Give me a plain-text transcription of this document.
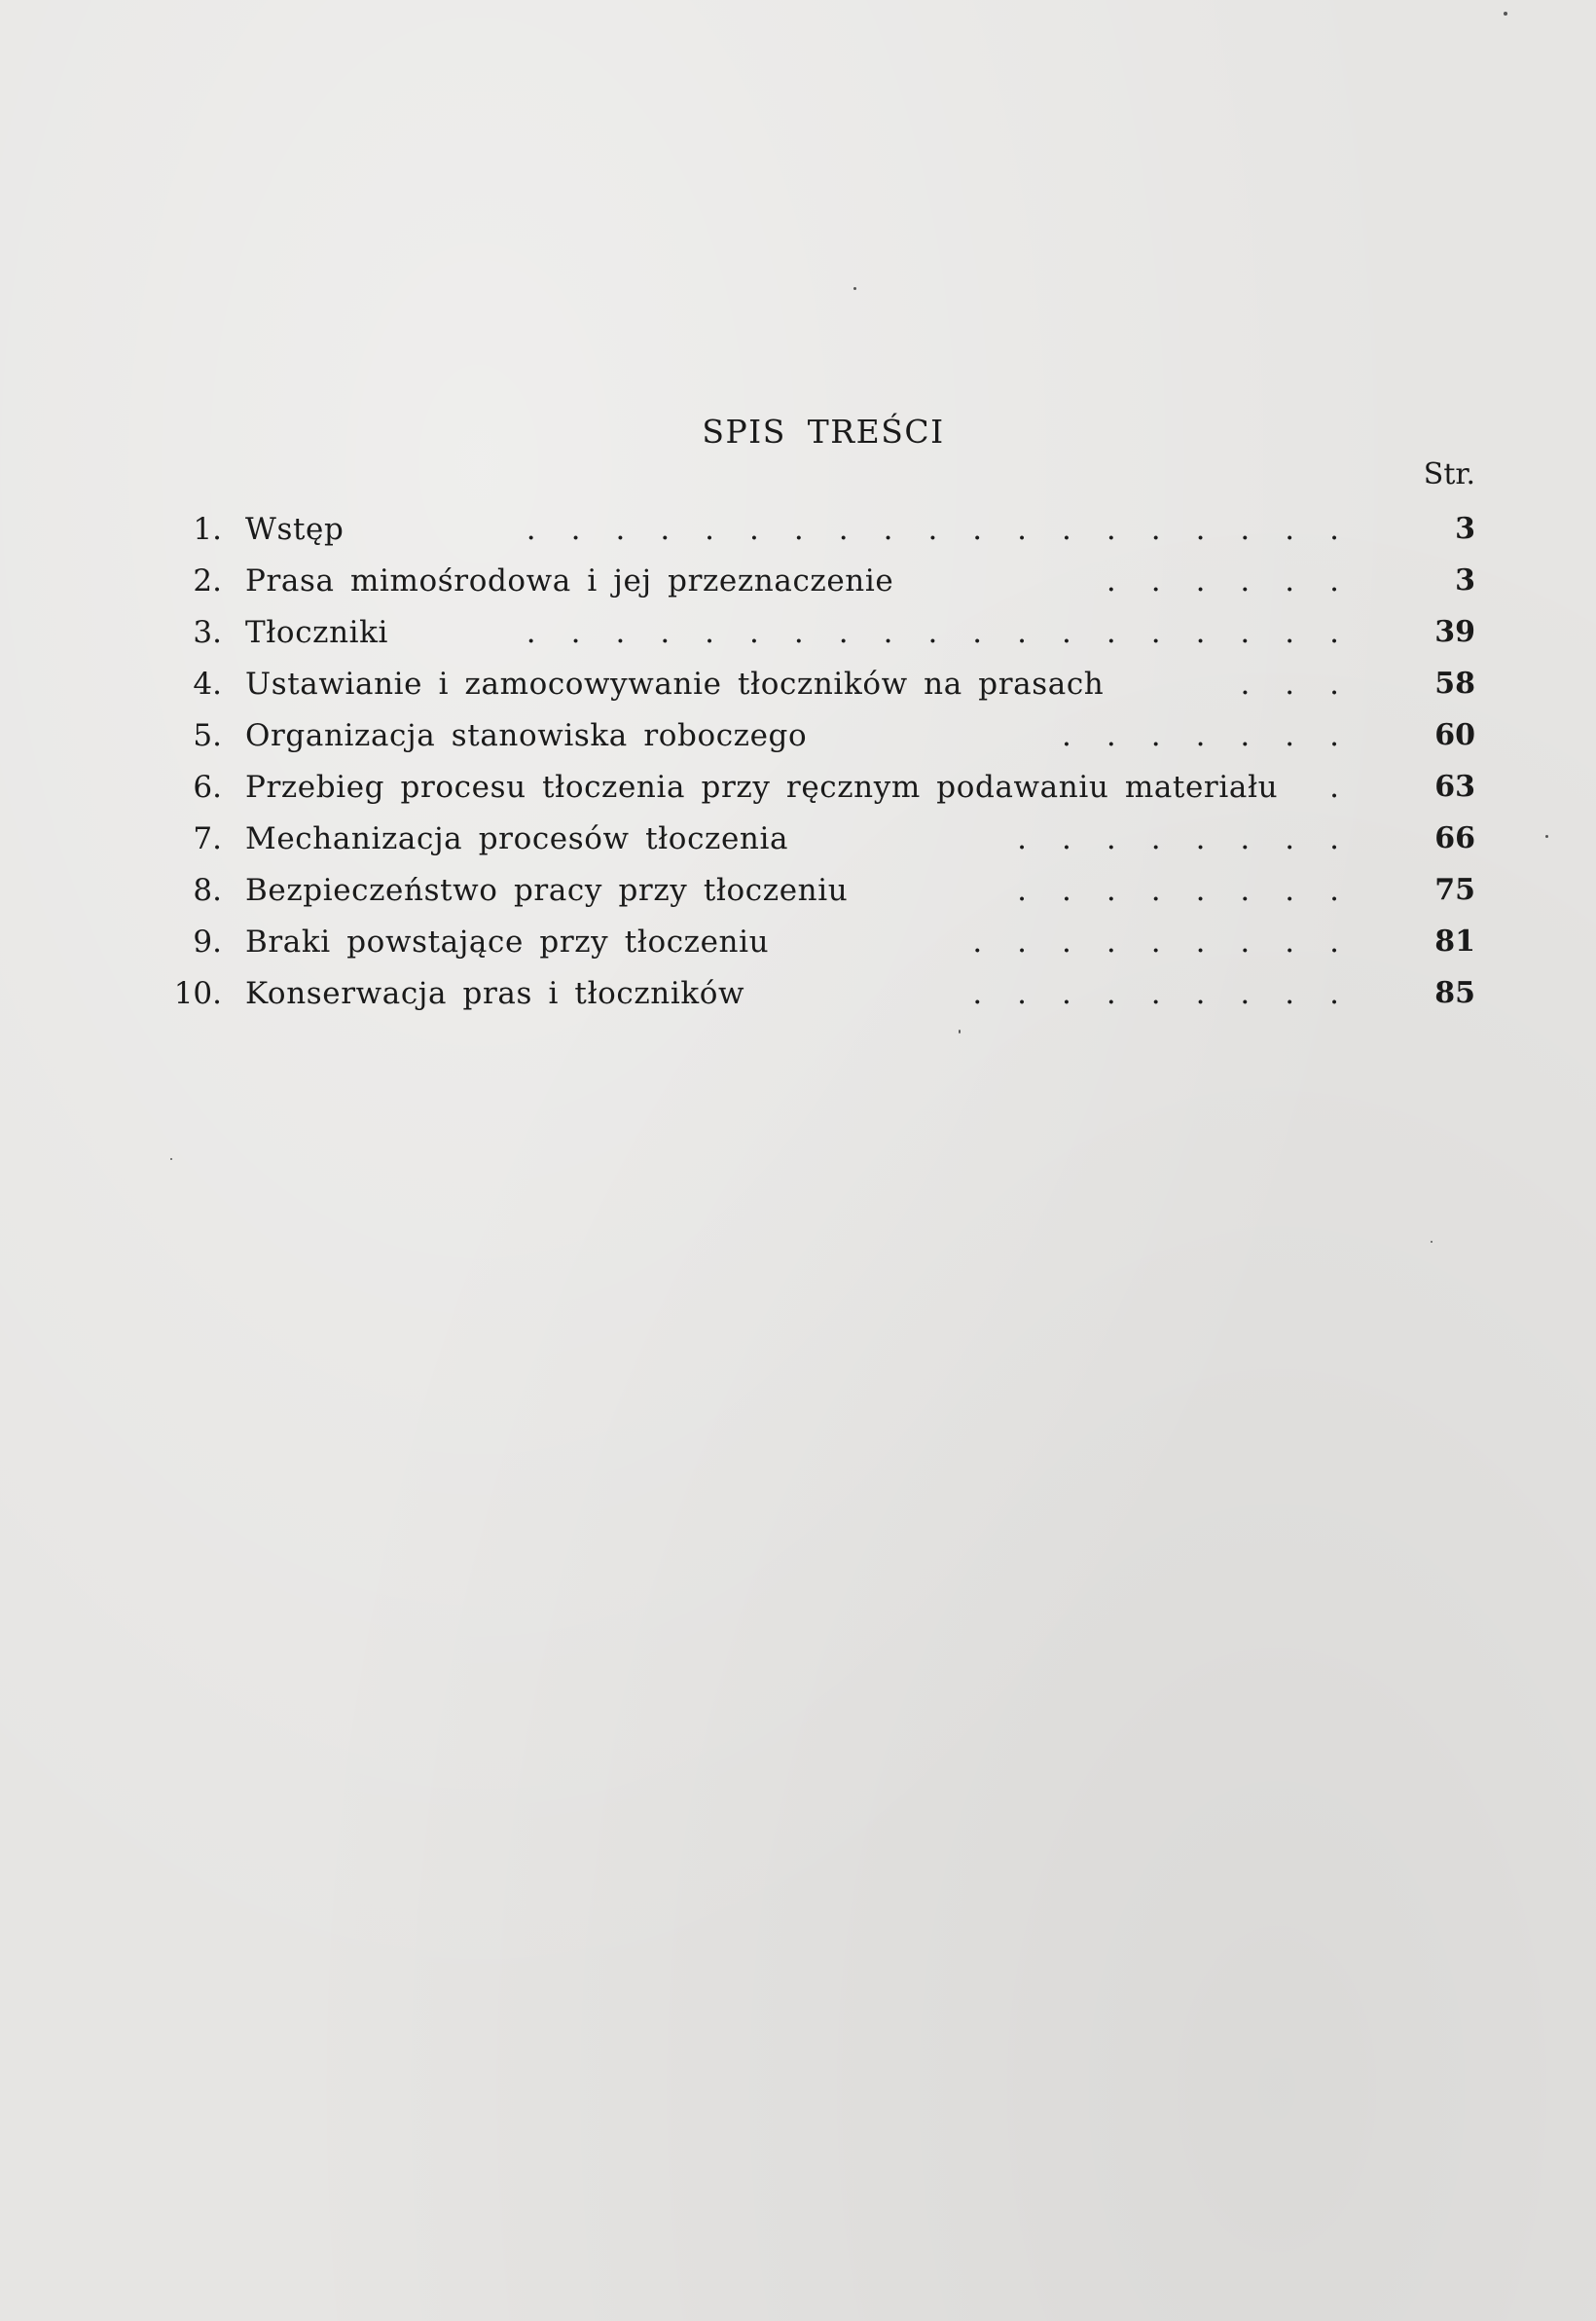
SPIS TREŚCI
Str.
1. Wstęp	...................	3
2. Prasa mimośrodowa i jej przeznaczenie	......	3
3. Tłoczniki	...................	39
4. Ustawianie i zamocowywanie tłoczników na prasach	...	58
5. Organizacja stanowiska roboczego	.......	60
6. Przebieg procesu tłoczenia przy ręcznym podawaniu materiału	.	63
7. Mechanizacja procesów tłoczenia	........	66
8. Bezpieczeństwo pracy przy tłoczeniu	........	75
9. Braki powstające przy tłoczeniu	.........	81
10. Konserwacja pras i tłoczników	.........	85
